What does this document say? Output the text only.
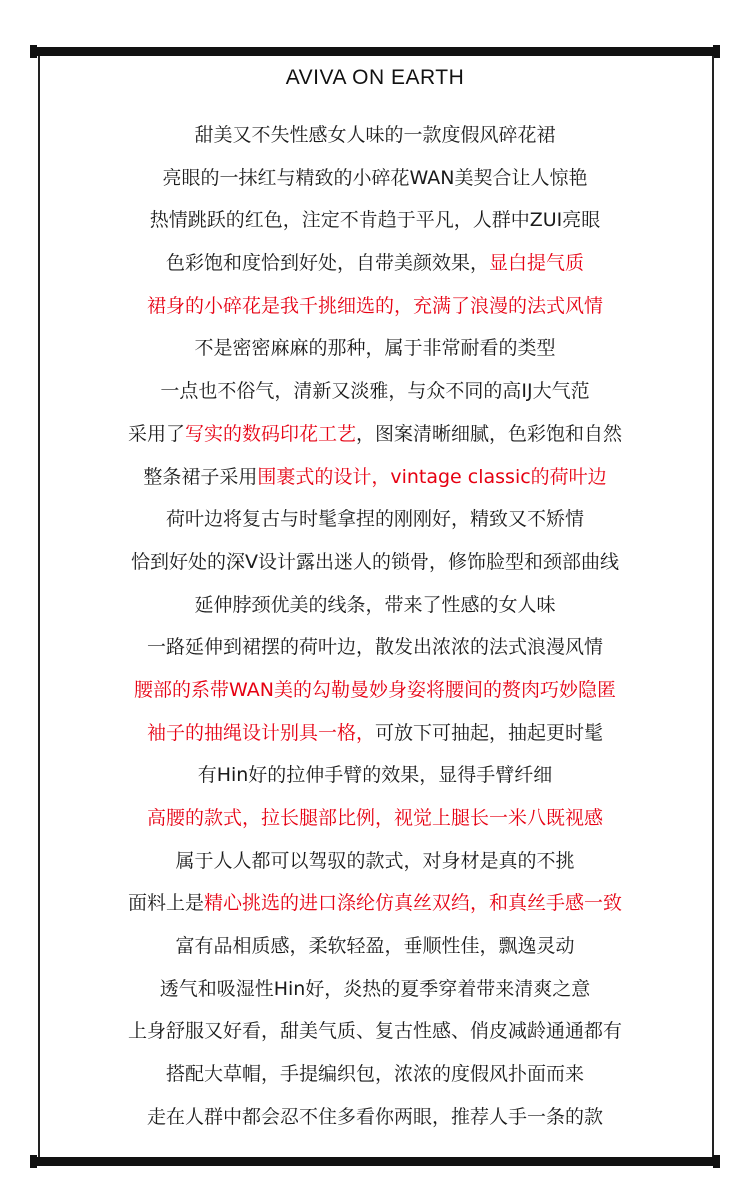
AVIVA ON EARTH
甜美又不失性感女人味的一款度假风碎花裙
亮眼的一抹红与精致的小碎花WAN美契合让人惊艳
热情跳跃的红色，注定不肯趋于平凡，人群中ZUI亮眼
色彩饱和度恰到好处，自带美颜效果，显白提气质
裙身的小碎花是我千挑细选的，充满了浪漫的法式风情
不是密密麻麻的那种，属于非常耐看的类型
一点也不俗气，清新又淡雅，与众不同的高IJ大气范
采用了写实的数码印花工艺，图案清晰细腻，色彩饱和自然
整条裙子采用围裹式的设计，vintage classic的荷叶边
荷叶边将复古与时髦拿捏的刚刚好，精致又不矫情
恰到好处的深V设计露出迷人的锁骨，修饰脸型和颈部曲线
延伸脖颈优美的线条，带来了性感的女人味
一路延伸到裙摆的荷叶边，散发出浓浓的法式浪漫风情
腰部的系带WAN美的勾勒曼妙身姿将腰间的赘肉巧妙隐匿
袖子的抽绳设计别具一格，可放下可抽起，抽起更时髦
有Hin好的拉伸手臂的效果，显得手臂纤细
高腰的款式，拉长腿部比例，视觉上腿长一米八既视感
属于人人都可以驾驭的款式，对身材是真的不挑
面料上是精心挑选的进口涤纶仿真丝双绉，和真丝手感一致
富有品相质感，柔软轻盈，垂顺性佳，飘逸灵动
透气和吸湿性Hin好，炎热的夏季穿着带来清爽之意
上身舒服又好看，甜美气质、复古性感、俏皮减龄通通都有
搭配大草帽，手提编织包，浓浓的度假风扑面而来
走在人群中都会忍不住多看你两眼，推荐人手一条的款
